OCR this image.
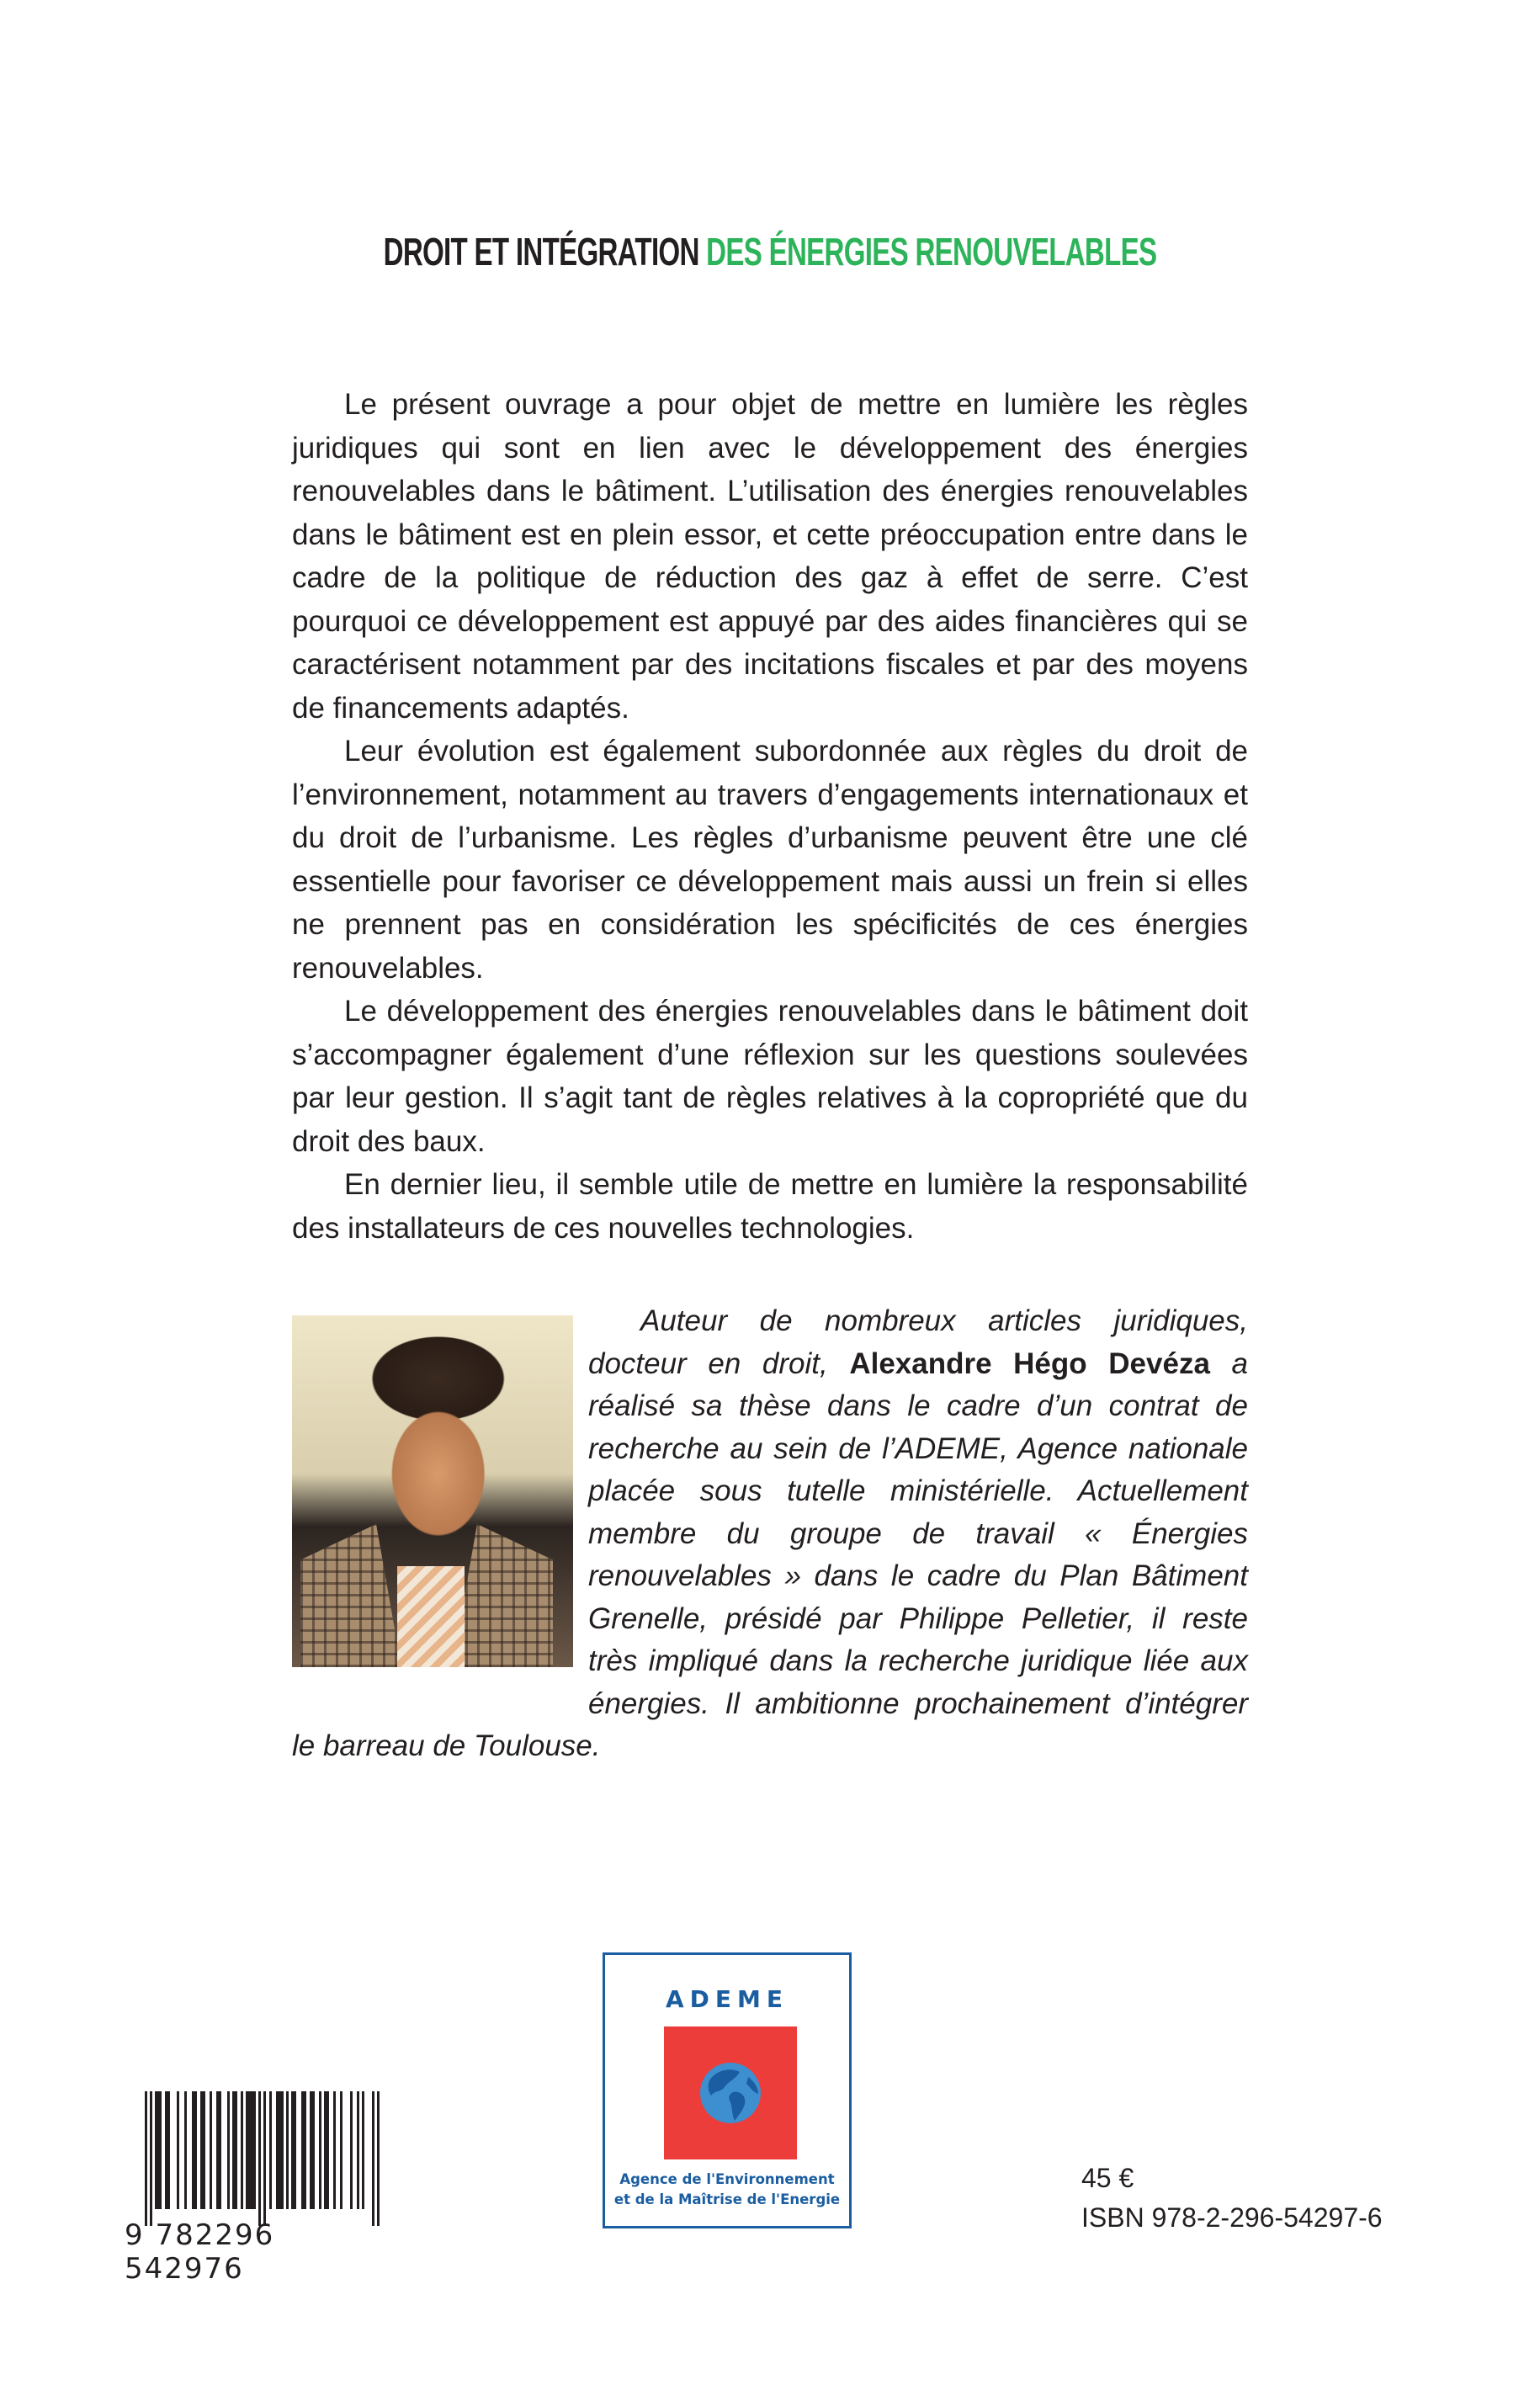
DROIT ET INTÉGRATION DES ÉNERGIES RENOUVELABLES

Le présent ouvrage a pour objet de mettre en lumière les règles juridiques qui sont en lien avec le développement des énergies renouvelables dans le bâtiment. L’utilisation des énergies renouvelables dans le bâtiment est en plein essor, et cette préoccupation entre dans le cadre de la politique de réduction des gaz à effet de serre. C’est pourquoi ce développement est appuyé par des aides financières qui se caractérisent notamment par des incitations fiscales et par des moyens de financements adaptés.

Leur évolution est également subordonnée aux règles du droit de l’environnement, notamment au travers d’engagements internationaux et du droit de l’urbanisme. Les règles d’urbanisme peuvent être une clé essentielle pour favoriser ce développement mais aussi un frein si elles ne prennent pas en considération les spécificités de ces énergies renouvelables.

Le développement des énergies renouvelables dans le bâtiment doit s’accompagner également d’une réflexion sur les questions soulevées par leur gestion. Il s’agit tant de règles relatives à la copropriété que du droit des baux.

En dernier lieu, il semble utile de mettre en lumière la responsabilité des installateurs de ces nouvelles technologies.

Auteur de nombreux articles juridiques, docteur en droit, Alexandre Hégo Devéza a réalisé sa thèse dans le cadre d’un contrat de recherche au sein de l’ADEME, Agence nationale placée sous tutelle ministérielle. Actuellement membre du groupe de travail « Énergies renouvelables » dans le cadre du Plan Bâtiment Grenelle, présidé par Philippe Pelletier, il reste très impliqué dans la recherche juridique liée aux énergies. Il ambitionne prochainement d’intégrer le barreau de Toulouse.
9 782296 542976
ADEME
Agence de l'Environnement
et de la Maîtrise de l'Energie
45 €
ISBN 978-2-296-54297-6
